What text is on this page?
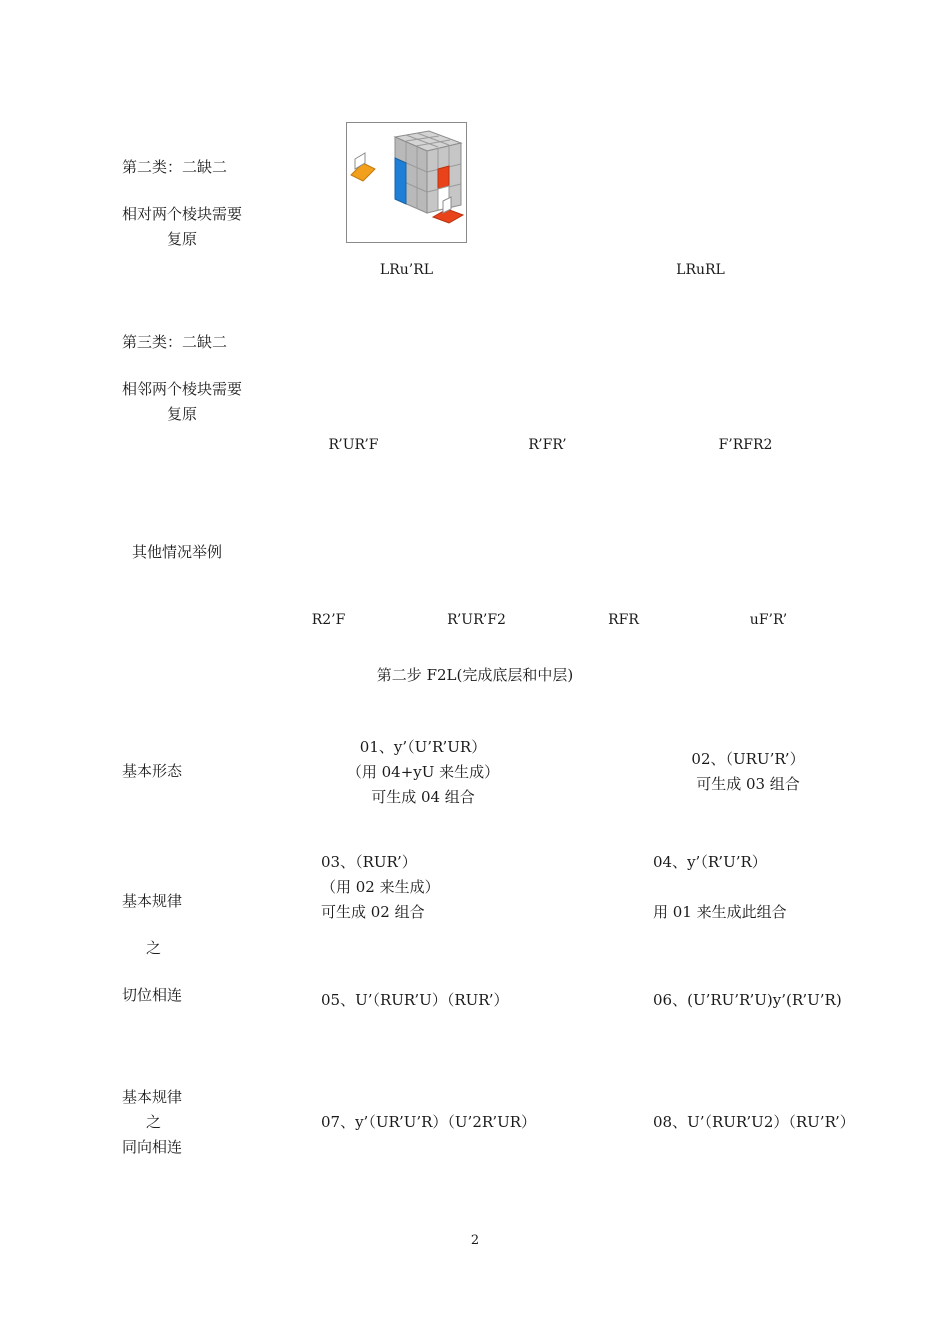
第二类：二缺二
相对两个棱块需要
复原
LRu’RL	LRuRL
第三类：二缺二
相邻两个棱块需要
复原
R’UR’F	R’FR’	F’RFR2
其他情况举例
R2’F	R’UR’F2	RFR	uF’R’
第二步 F2L(完成底层和中层)
基本形态
01、y’（U’R’UR）
（用 04+yU 来生成）
可生成 04 组合
02、（URU’R’）
可生成 03 组合
基本规律
之
切位相连
03、（RUR’）
（用 02 来生成）
可生成 02 组合
04、y’（R’U’R）
用 01 来生成此组合
05、U’（RUR’U）（RUR’）	06、(U’RU’R’U)y’(R’U’R)
基本规律
之
同向相连
07、y’（UR’U’R）（U’2R’UR）	08、U’（RUR’U2）（RU’R’）
2
